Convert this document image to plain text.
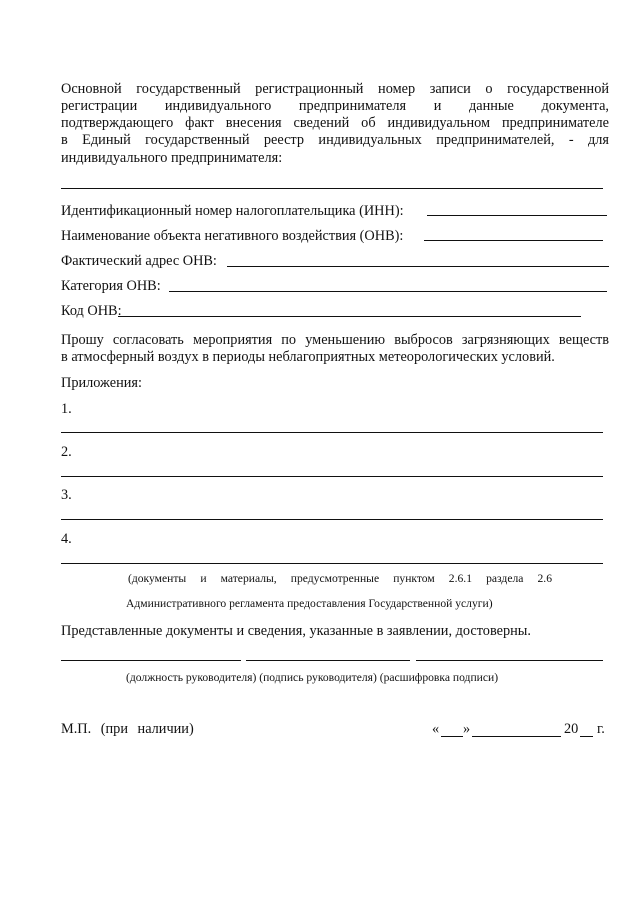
Основной государственный регистрационный номер записи о государственной
регистрации индивидуального предпринимателя и данные документа,
подтверждающего факт внесения сведений об индивидуальном предпринимателе
в Единый государственный реестр индивидуальных предпринимателей, - для
индивидуального предпринимателя:
Идентификационный номер налогоплательщика (ИНН):
Наименование объекта негативного воздействия (ОНВ):
Фактический адрес ОНВ:
Категория ОНВ:
Код ОНВ:
Прошу согласовать мероприятия по уменьшению выбросов загрязняющих веществ
в атмосферный воздух в периоды неблагоприятных метеорологических условий.
Приложения:
1.
2.
3.
4.
(документы и материалы, предусмотренные пунктом 2.6.1 раздела 2.6
Административного регламента предоставления Государственной услуги)
Представленные документы и сведения, указанные в заявлении, достоверны.
(должность руководителя) (подпись руководителя) (расшифровка подписи)
М.П. (при наличии)	« »	20 г.
